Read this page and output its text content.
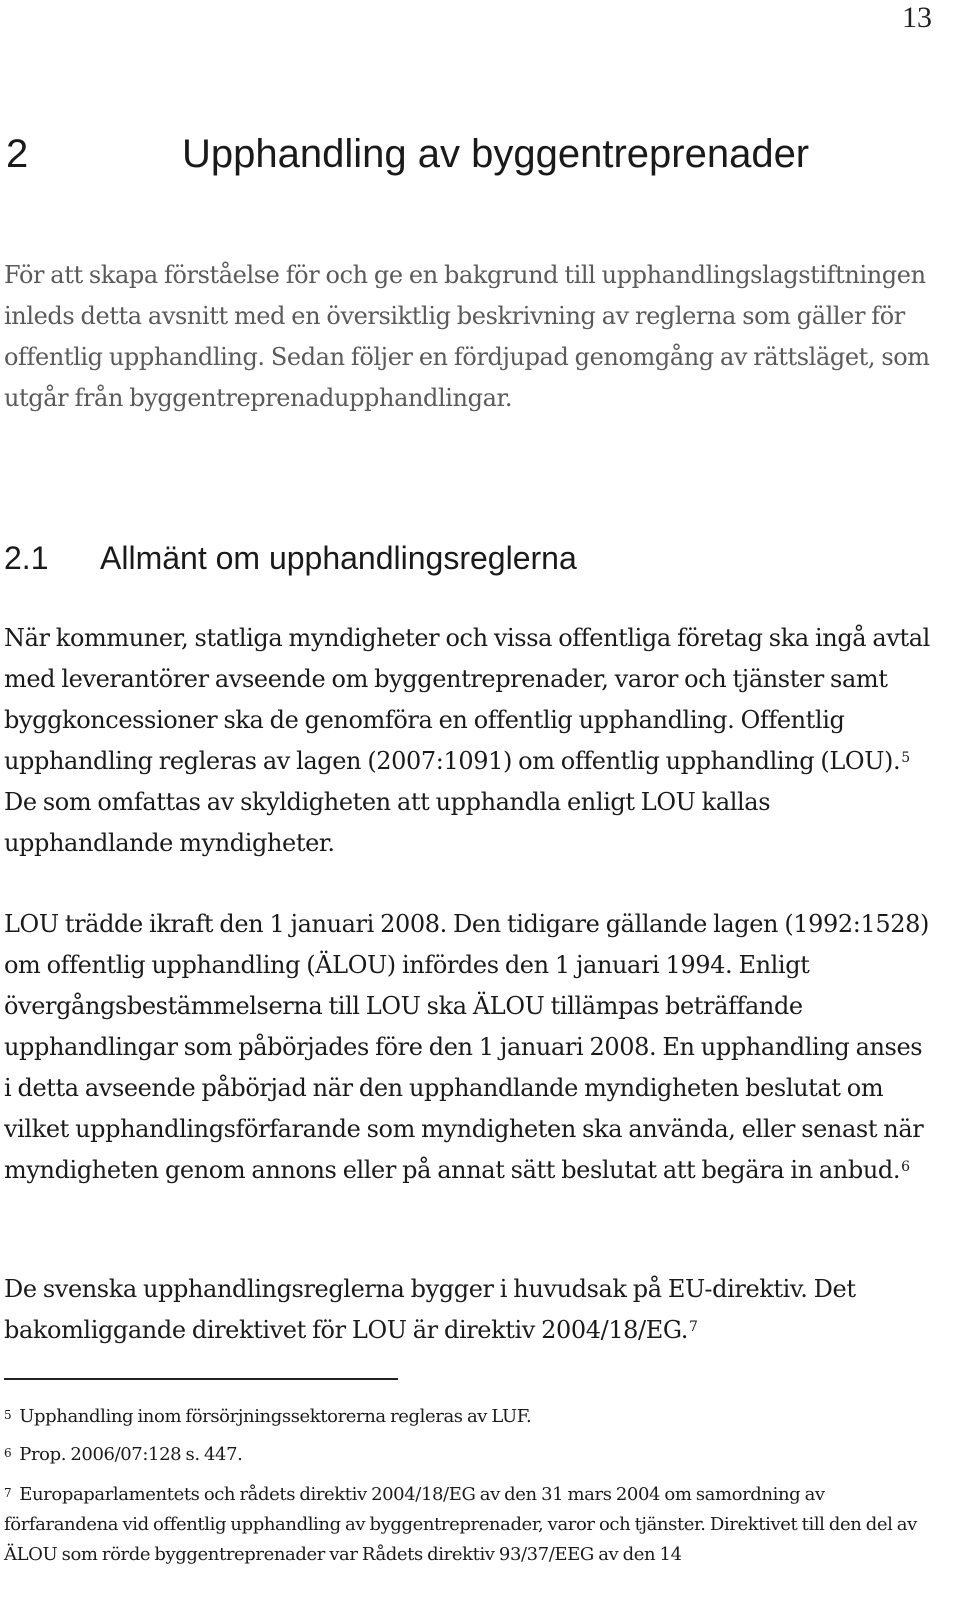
13
2	Upphandling av byggentreprenader

För att skapa förståelse för och ge en bakgrund till upphandlingslagstiftningen inleds detta avsnitt med en översiktlig beskrivning av reglerna som gäller för offentlig upphandling. Sedan följer en fördjupad genomgång av rättsläget, som utgår från byggentreprenadupphandlingar.

2.1 Allmänt om upphandlingsreglerna

När kommuner, statliga myndigheter och vissa offentliga företag ska ingå avtal med leverantörer avseende om byggentreprenader, varor och tjänster samt byggkoncessioner ska de genomföra en offentlig upphandling. Offentlig upphandling regleras av lagen (2007:1091) om offentlig upphandling (LOU).$^5$ De som omfattas av skyldigheten att upphandla enligt LOU kallas upphandlande myndigheter.

LOU trädde ikraft den 1 januari 2008. Den tidigare gällande lagen (1992:1528) om offentlig upphandling (ÄLOU) infördes den 1 januari 1994. Enligt övergångsbestämmelserna till LOU ska ÄLOU tillämpas beträffande upphandlingar som påbörjades före den 1 januari 2008. En upphandling anses i detta avseende påbörjad när den upphandlande myndigheten beslutat om vilket upphandlingsförfarande som myndigheten ska använda, eller senast när myndigheten genom annons eller på annat sätt beslutat att begära in anbud.$^6$

De svenska upphandlingsreglerna bygger i huvudsak på EU-direktiv. Det bakomliggande direktivet för LOU är direktiv 2004/18/EG.$^7$

$^5$ Upphandling inom försörjningssektorerna regleras av LUF.

$^6$ Prop. 2006/07:128 s. 447.

$^7$ Europaparlamentets och rådets direktiv 2004/18/EG av den 31 mars 2004 om samordning av förfarandena vid offentlig upphandling av byggentreprenader, varor och tjänster. Direktivet till den del av ÄLOU som rörde byggentreprenader var Rådets direktiv 93/37/EEG av den 14
